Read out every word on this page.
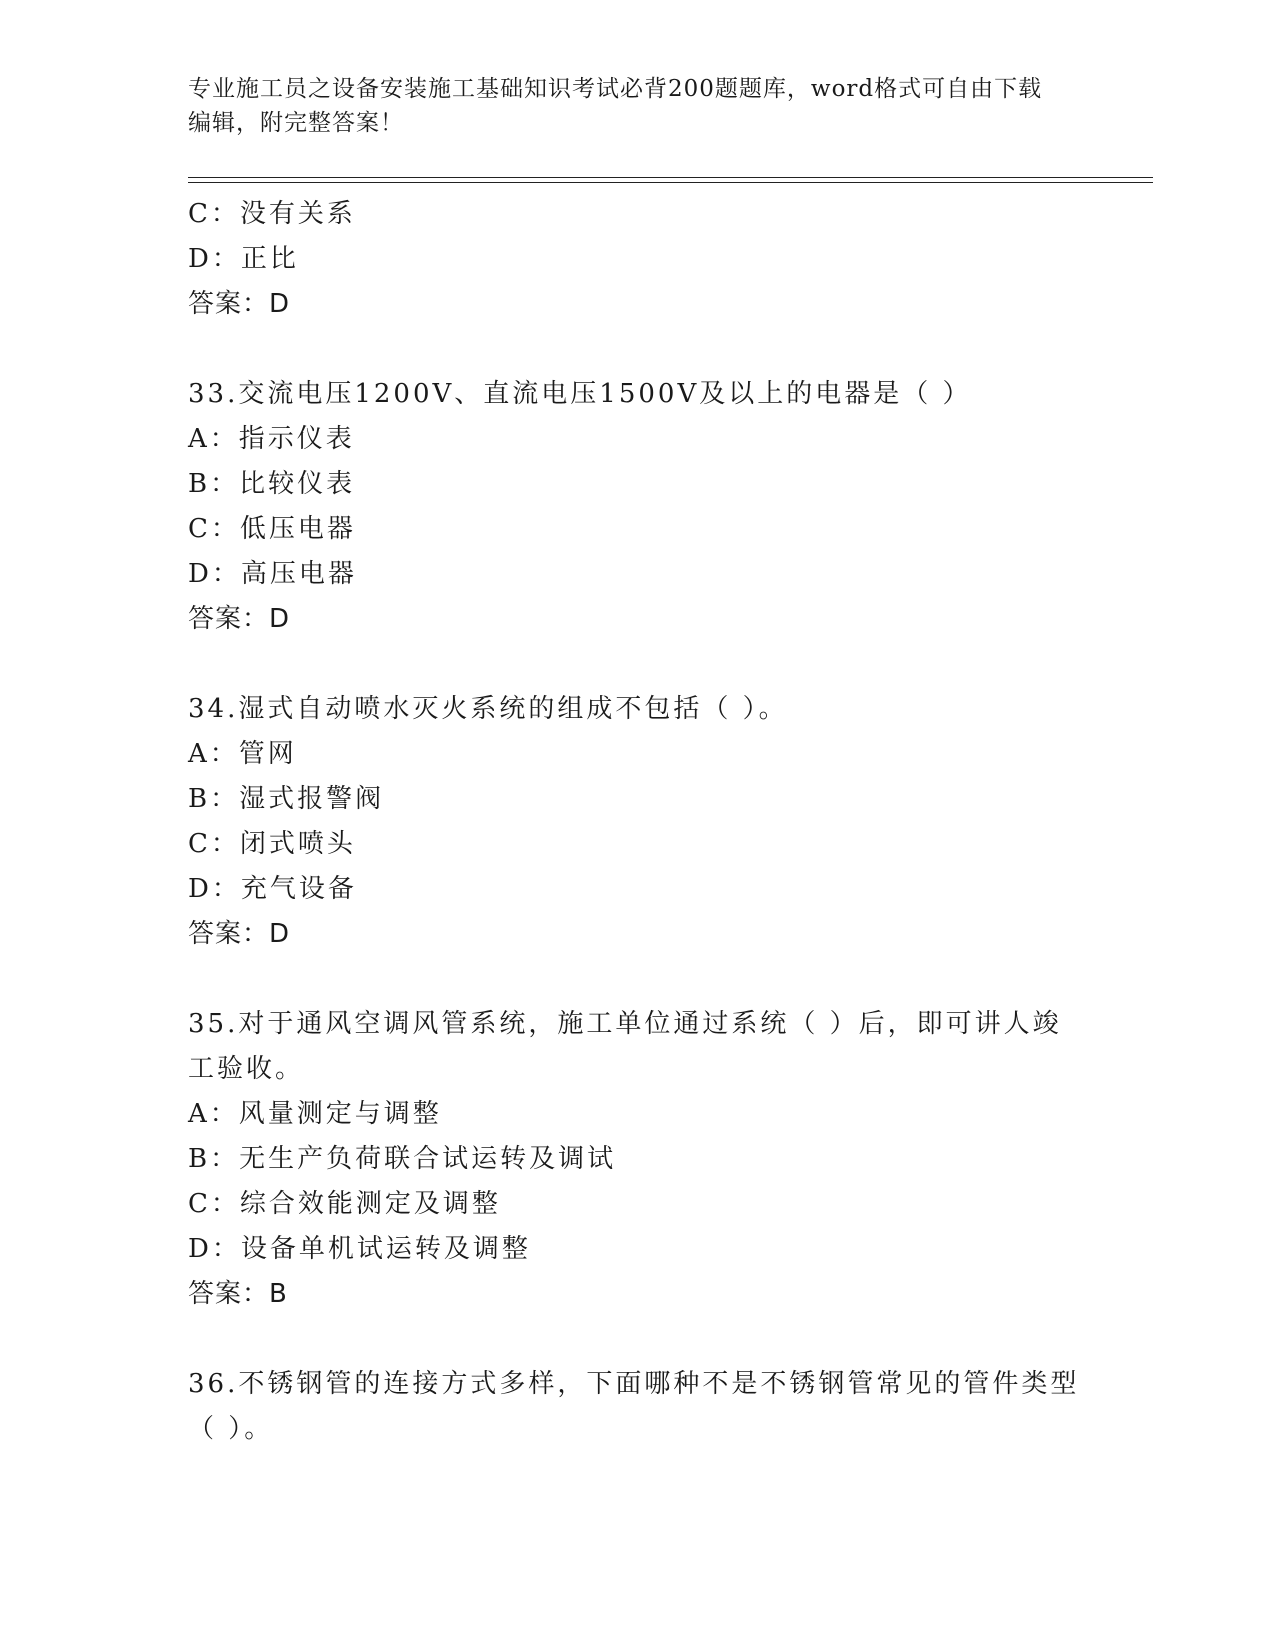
专业施工员之设备安装施工基础知识考试必背200题题库，word格式可自由下载
编辑，附完整答案！
C：没有关系
D：正比
答案：D
33.交流电压1200V、直流电压1500V及以上的电器是（ ）
A：指示仪表
B：比较仪表
C：低压电器
D：高压电器
答案：D
34.湿式自动喷水灭火系统的组成不包括（ ）。
A：管网
B：湿式报警阀
C：闭式喷头
D：充气设备
答案：D
35.对于通风空调风管系统，施工单位通过系统（ ）后，即可讲人竣
工验收。
A：风量测定与调整
B：无生产负荷联合试运转及调试
C：综合效能测定及调整
D：设备单机试运转及调整
答案：B
36.不锈钢管的连接方式多样，下面哪种不是不锈钢管常见的管件类型
（ ）。
